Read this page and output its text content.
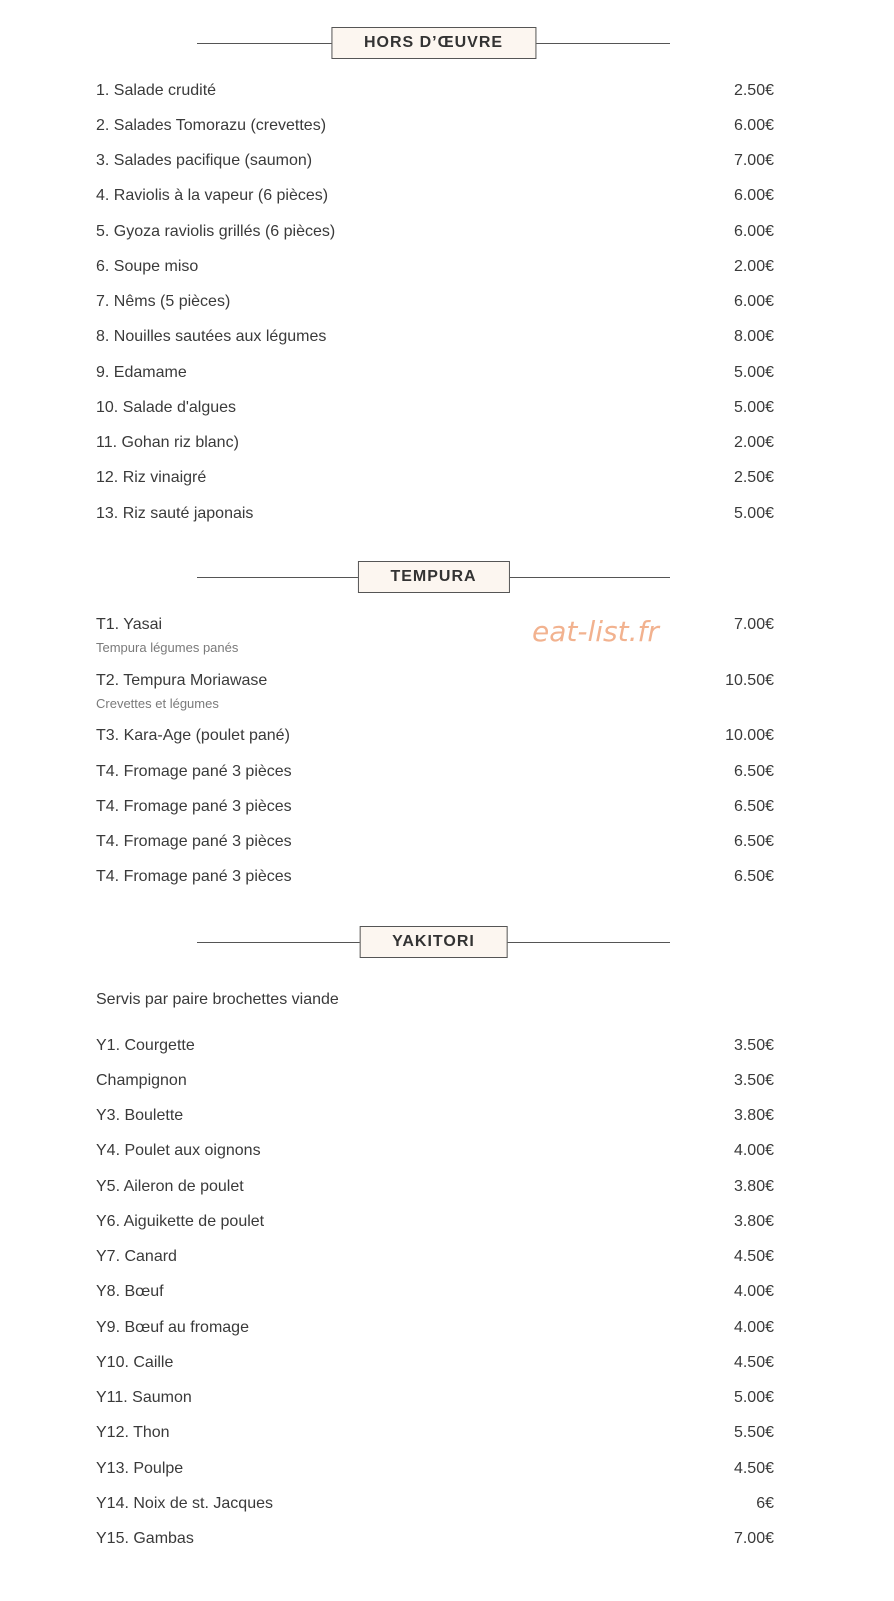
HORS D’ŒUVRE
1. Salade crudité	2.50€
2. Salades Tomorazu (crevettes)	6.00€
3. Salades pacifique (saumon)	7.00€
4. Raviolis à la vapeur (6 pièces)	6.00€
5. Gyoza raviolis grillés (6 pièces)	6.00€
6. Soupe miso	2.00€
7. Nêms (5 pièces)	6.00€
8. Nouilles sautées aux légumes	8.00€
9. Edamame	5.00€
10. Salade d'algues	5.00€
11. Gohan riz blanc)	2.00€
12. Riz vinaigré	2.50€
13. Riz sauté japonais	5.00€
TEMPURA
eat-list.fr
T1. Yasai	7.00€
Tempura légumes panés
T2. Tempura Moriawase	10.50€
Crevettes et légumes
T3. Kara-Age (poulet pané)	10.00€
T4. Fromage pané 3 pièces	6.50€
T4. Fromage pané 3 pièces	6.50€
T4. Fromage pané 3 pièces	6.50€
T4. Fromage pané 3 pièces	6.50€
YAKITORI
Servis par paire brochettes viande
Y1. Courgette	3.50€
Champignon	3.50€
Y3. Boulette	3.80€
Y4. Poulet aux oignons	4.00€
Y5. Aileron de poulet	3.80€
Y6. Aiguikette de poulet	3.80€
Y7. Canard	4.50€
Y8. Bœuf	4.00€
Y9. Bœuf au fromage	4.00€
Y10. Caille	4.50€
Y11. Saumon	5.00€
Y12. Thon	5.50€
Y13. Poulpe	4.50€
Y14. Noix de st. Jacques	6€
Y15. Gambas	7.00€
